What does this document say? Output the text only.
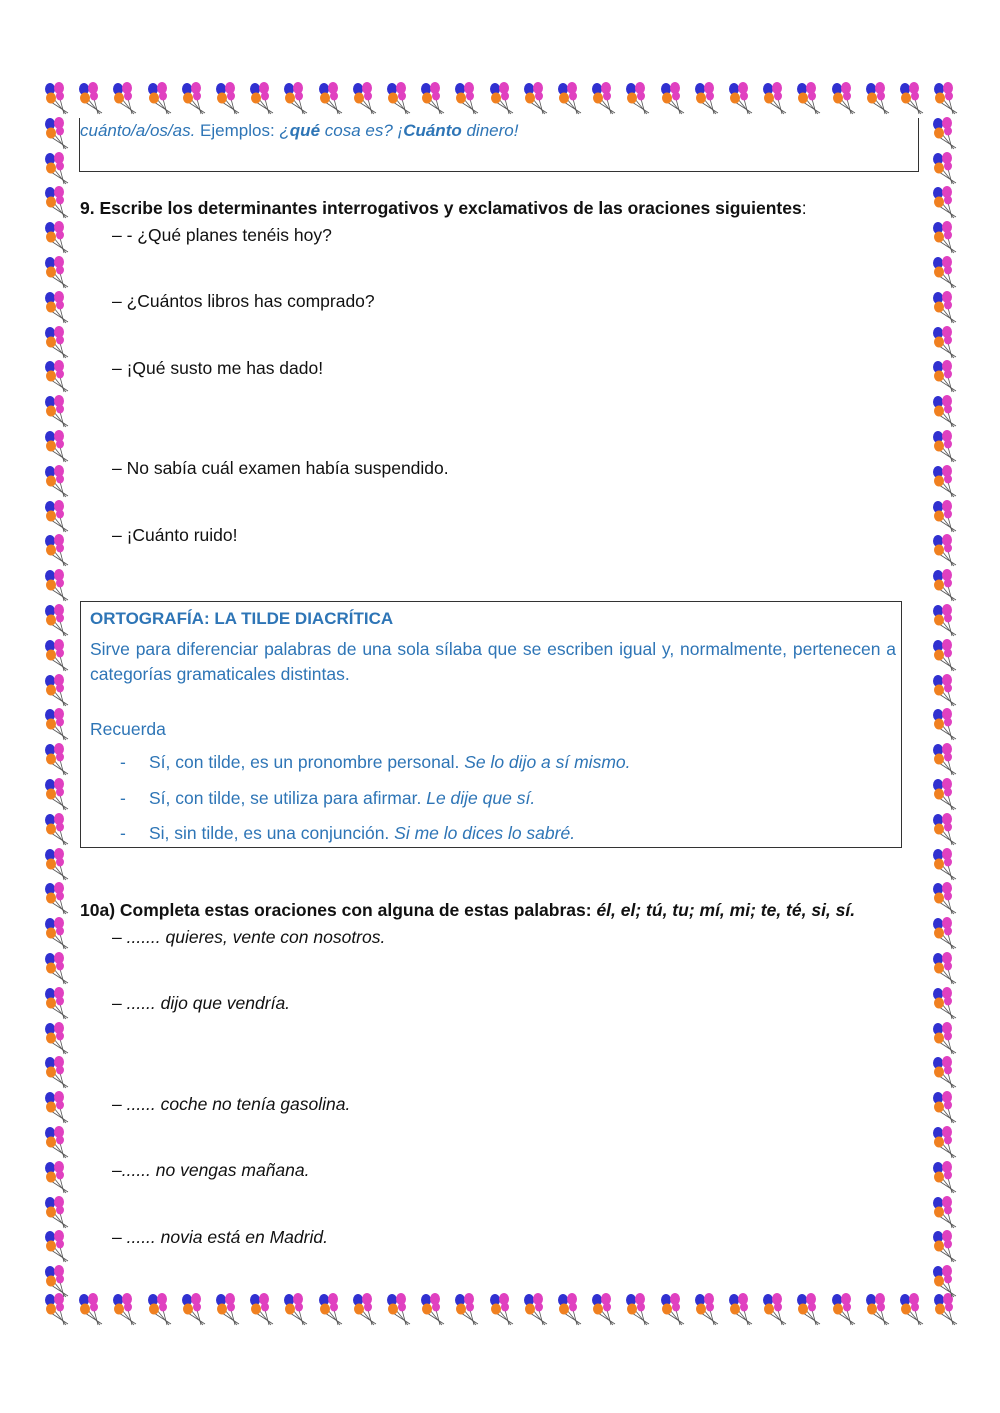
cuánto/a/os/as. Ejemplos: ¿qué cosa es? ¡Cuánto dinero!
9. Escribe los determinantes interrogativos y exclamativos de las oraciones siguientes:
– - ¿Qué planes tenéis hoy?
– ¿Cuántos libros has comprado?
– ¡Qué susto me has dado!
– No sabía cuál examen había suspendido.
– ¡Cuánto ruido!
ORTOGRAFÍA: LA TILDE DIACRÍTICA
Sirve para diferenciar palabras de una sola sílaba que se escriben igual y, normalmente, pertenecen a categorías gramaticales distintas.
Recuerda
- Sí, con tilde, es un pronombre personal. Se lo dijo a sí mismo.
- Sí, con tilde, se utiliza para afirmar. Le dije que sí.
- Si, sin tilde, es una conjunción. Si me lo dices lo sabré.
10a) Completa estas oraciones con alguna de estas palabras: él, el; tú, tu; mí, mi; te, té, si, sí.
– ....... quieres, vente con nosotros.
– ...... dijo que vendría.
– ...... coche no tenía gasolina.
–...... no vengas mañana.
– ...... novia está en Madrid.
